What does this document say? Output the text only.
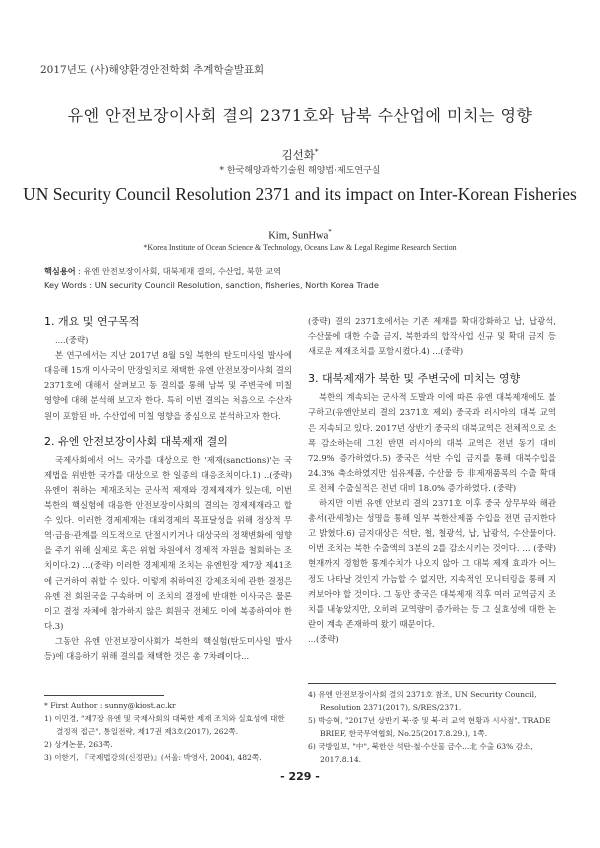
2017년도 (사)해양환경안전학회 추계학술발표회
유엔 안전보장이사회 결의 2371호와 남북 수산업에 미치는 영향
김선화*
* 한국해양과학기술원 해양법·제도연구실
UN Security Council Resolution 2371 and its impact on Inter-Korean Fisheries
Kim, SunHwa*
*Korea Institute of Ocean Science & Technology, Oceans Law & Legal Regime Research Section
핵심용어 : 유엔 안전보장이사회, 대북제재 결의, 수산업, 북한 교역
Key Words : UN security Council Resolution, sanction, fisheries, North Korea Trade
1. 개요 및 연구목적

....(중략)

본 연구에서는 지난 2017년 8월 5일 북한의 탄도미사일 발사에 대응해 15개 이사국이 만장일치로 채택한 유엔 안전보장이사회 결의 2371호에 대해서 살펴보고 동 결의를 통해 남북 및 주변국에 미칠 영향에 대해 분석해 보고자 한다. 특히 이번 결의는 처음으로 수산자원이 포함된 바, 수산업에 미칠 영향을 중심으로 분석하고자 한다.

2. 유엔 안전보장이사회 대북제재 결의

국제사회에서 어느 국가를 대상으로 한 '제재(sanctions)'는 국제법을 위반한 국가를 대상으로 한 일종의 대응조치이다.1) ..(중략) 유엔이 취하는 제재조치는 군사적 제재와 경제제재가 있는데, 이번 북한의 핵실험에 대응한 안전보장이사회의 결의는 경제제재라고 할 수 있다. 이러한 경제제재는 대외경제의 목표달성을 위해 정상적 무역·금융·관계를 의도적으로 단절시키거나 대상국의 정책변화에 영향을 주기 위해 실제로 혹은 위협 차원에서 경제적 자원을 철회하는 조치이다.2) ...(중략) 이러한 경제제재 조치는 유엔헌장 제7장 제41조에 근거하여 취할 수 있다. 이렇게 취하여진 강제조치에 관한 결정은 유엔 전 회원국을 구속하며 이 조치의 결정에 반대한 이사국은 물론이고 결정 자체에 참가하지 않은 회원국 전체도 이에 복종하여야 한다.3)

그동안 유엔 안전보장이사회가 북한의 핵실험(탄도미사일 발사 등)에 대응하기 위해 결의를 채택한 것은 총 7차례이다...

* First Author : sunny@kiost.ac.kr
1) 이민경, "제7장 유엔 및 국제사회의 대북한 제재 조치와 실효성에 대한 결정적 접근", 통일전략, 제17권 제3호(2017), 262쪽.
2) 상게논문, 263쪽.
3) 이한기, 『국제법강의(신정판)』(서울: 박영사, 2004), 482쪽.

(중략) 결의 2371호에서는 기존 제재를 확대강화하고 납, 납광석, 수산물에 대한 수출 금지, 북한과의 합작사업 신규 및 확대 금지 등 새로운 제재조치를 포함시켰다.4) ...(중략)

3. 대북제재가 북한 및 주변국에 미치는 영향

북한의 계속되는 군사적 도발과 이에 따른 유엔 대북제재에도 불구하고(유엔안보리 결의 2371호 제외) 중국과 러시아의 대북 교역은 지속되고 있다. 2017년 상반기 중국의 대북교역은 전체적으로 소폭 감소하는데 그친 반면 러시아의 대북 교역은 전년 동기 대비 72.9% 증가하였다.5) 중국은 석탄 수입 금지를 통해 대북수입을 24.3% 축소하였지만 섬유제품, 수산물 등 非제재품목의 수출 확대로 전체 수출실적은 전년 대비 18.0% 증가하였다. (중략)

하지만 이번 유엔 안보리 결의 2371호 이후 중국 상무부와 해관총서(관세청)는 성명을 통해 일부 북한산제품 수입을 전면 금지한다고 밝혔다.6) 금지대상은 석탄, 철, 철광석, 납, 납광석, 수산물이다. 이번 조치는 북한 수출액의 3분의 2를 감소시키는 것이다. ... (중략) 현재까지 경험한 통계수치가 나오지 않아 그 대북 제재 효과가 어느 정도 나타날 것인지 가늠할 수 없지만, 지속적인 모니터링을 통해 지켜보아야 할 것이다. 그 동안 중국은 대북제재 직후 여러 교역금지 조치를 내놓았지만, 오히려 교역량이 증가하는 등 그 실효성에 대한 논란이 계속 존재하여 왔기 때문이다.

...(중략)

4) 유엔 안전보장이사회 결의 2371호 참조, UN Security Council, Resolution 2371(2017), S/RES/2371.
5) 박승혁, "2017년 상반기 북·중 및 북·러 교역 현황과 시사점", TRADE BRIEF, 한국무역협회, No.25(2017.8.29.), 1쪽.
6) 국방일보, "中", 북한산 석탄·철·수산물 금수...北 수출 63% 감소, 2017.8.14.
- 229 -
